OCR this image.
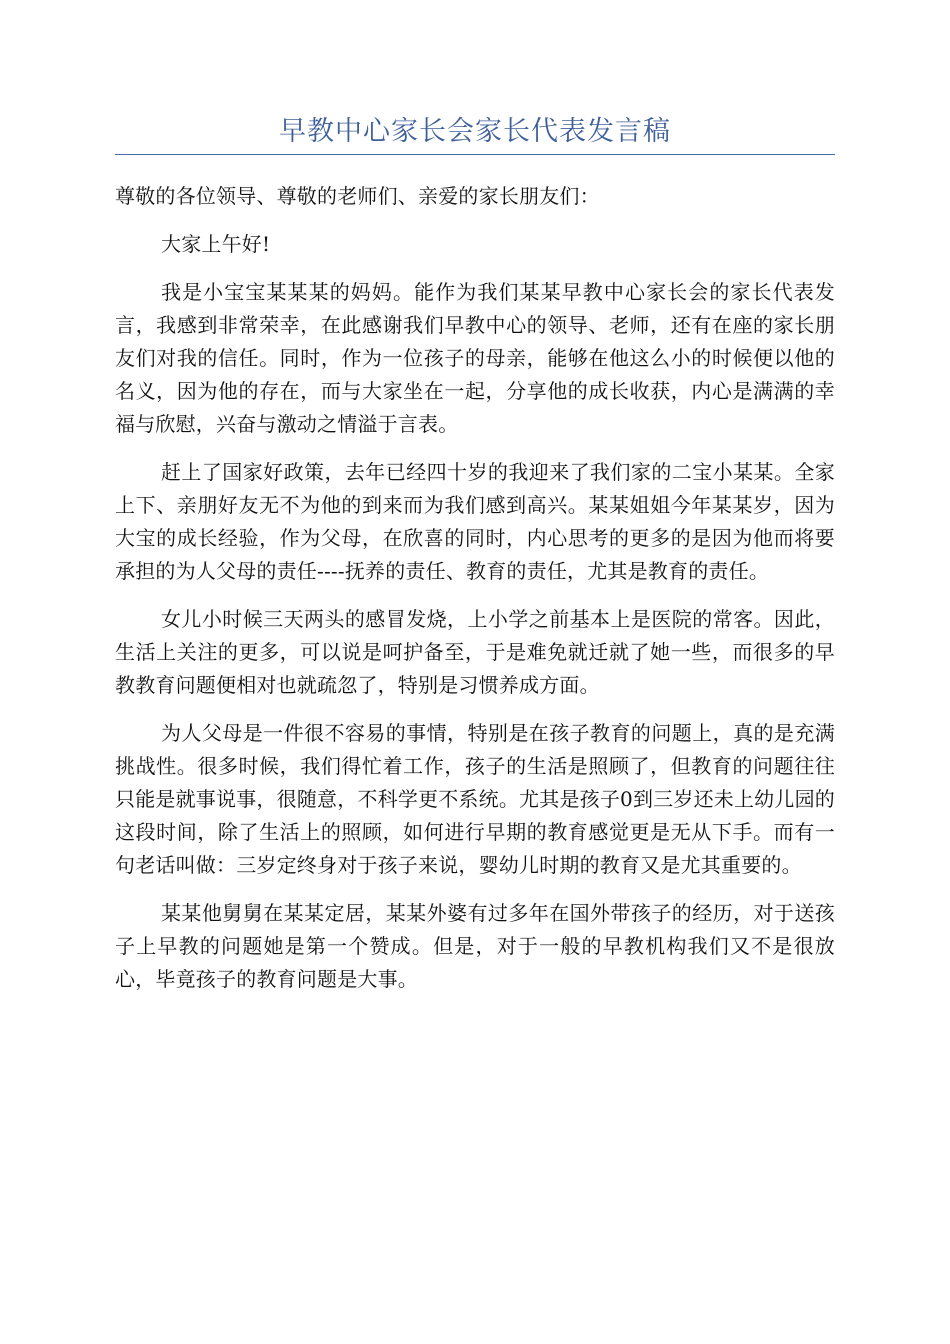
早教中心家长会家长代表发言稿

尊敬的各位领导、尊敬的老师们、亲爱的家长朋友们：

大家上午好!

我是小宝宝某某某的妈妈。能作为我们某某早教中心家长会的家长代表发言，我感到非常荣幸，在此感谢我们早教中心的领导、老师，还有在座的家长朋友们对我的信任。同时，作为一位孩子的母亲，能够在他这么小的时候便以他的名义，因为他的存在，而与大家坐在一起，分享他的成长收获，内心是满满的幸福与欣慰，兴奋与激动之情溢于言表。

赶上了国家好政策，去年已经四十岁的我迎来了我们家的二宝小某某。全家上下、亲朋好友无不为他的到来而为我们感到高兴。某某姐姐今年某某岁，因为大宝的成长经验，作为父母，在欣喜的同时，内心思考的更多的是因为他而将要承担的为人父母的责任----抚养的责任、教育的责任，尤其是教育的责任。

女儿小时候三天两头的感冒发烧，上小学之前基本上是医院的常客。因此，生活上关注的更多，可以说是呵护备至，于是难免就迁就了她一些，而很多的早教教育问题便相对也就疏忽了，特别是习惯养成方面。

为人父母是一件很不容易的事情，特别是在孩子教育的问题上，真的是充满挑战性。很多时候，我们得忙着工作，孩子的生活是照顾了，但教育的问题往往只能是就事说事，很随意，不科学更不系统。尤其是孩子0到三岁还未上幼儿园的这段时间，除了生活上的照顾，如何进行早期的教育感觉更是无从下手。而有一句老话叫做：三岁定终身对于孩子来说，婴幼儿时期的教育又是尤其重要的。

某某他舅舅在某某定居，某某外婆有过多年在国外带孩子的经历，对于送孩子上早教的问题她是第一个赞成。但是，对于一般的早教机构我们又不是很放心，毕竟孩子的教育问题是大事。
